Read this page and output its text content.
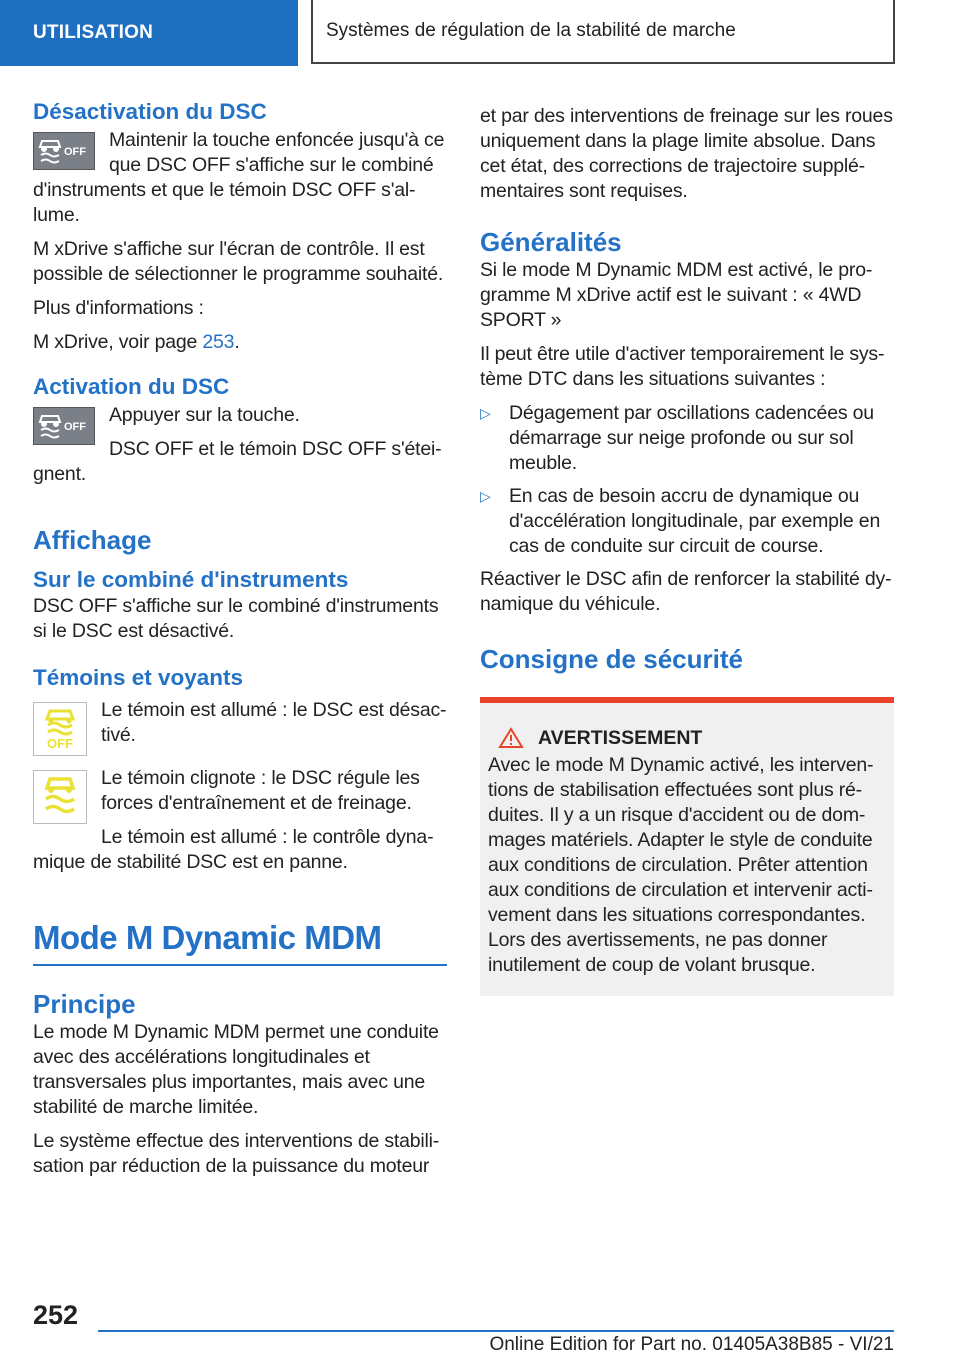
UTILISATION	Systèmes de régulation de la stabilité de marche
Désactivation du DSC
OFF

Maintenir la touche enfoncée jusqu'à ce que DSC OFF s'affiche sur le combiné d'instruments et que le témoin DSC OFF s'allume.

M xDrive s'affiche sur l'écran de contrôle. Il est possible de sélectionner le programme souhaité.

Plus d'informations :

M xDrive, voir page 253.

Activation du DSC
OFF

Appuyer sur la touche.

DSC OFF et le témoin DSC OFF s'éteignent.

Affichage
Sur le combiné d'instruments

DSC OFF s'affiche sur le combiné d'instruments si le DSC est désactivé.

Témoins et voyants
OFF

Le témoin est allumé : le DSC est désactivé.

Le témoin clignote : le DSC régule les forces d'entraînement et de freinage.

Le témoin est allumé : le contrôle dynamique de stabilité DSC est en panne.

Mode M Dynamic MDM
Principe

Le mode M Dynamic MDM permet une conduite avec des accélérations longitudinales et transversales plus importantes, mais avec une stabilité de marche limitée.

Le système effectue des interventions de stabilisation par réduction de la puissance du moteur

et par des interventions de freinage sur les roues uniquement dans la plage limite absolue. Dans cet état, des corrections de trajectoire supplémentaires sont requises.

Généralités

Si le mode M Dynamic MDM est activé, le programme M xDrive actif est le suivant : « 4WD SPORT »

Il peut être utile d'activer temporairement le système DTC dans les situations suivantes :

▷ Dégagement par oscillations cadencées ou démarrage sur neige profonde ou sur sol meuble.
▷ En cas de besoin accru de dynamique ou d'accélération longitudinale, par exemple en cas de conduite sur circuit de course.

Réactiver le DSC afin de renforcer la stabilité dynamique du véhicule.

Consigne de sécurité
AVERTISSEMENT

Avec le mode M Dynamic activé, les interventions de stabilisation effectuées sont plus réduites. Il y a un risque d'accident ou de dommages matériels. Adapter le style de conduite aux conditions de circulation. Prêter attention aux conditions de circulation et intervenir activement dans les situations correspondantes. Lors des avertissements, ne pas donner inutilement de coup de volant brusque.

252
Online Edition for Part no. 01405A38B85 - VI/21
